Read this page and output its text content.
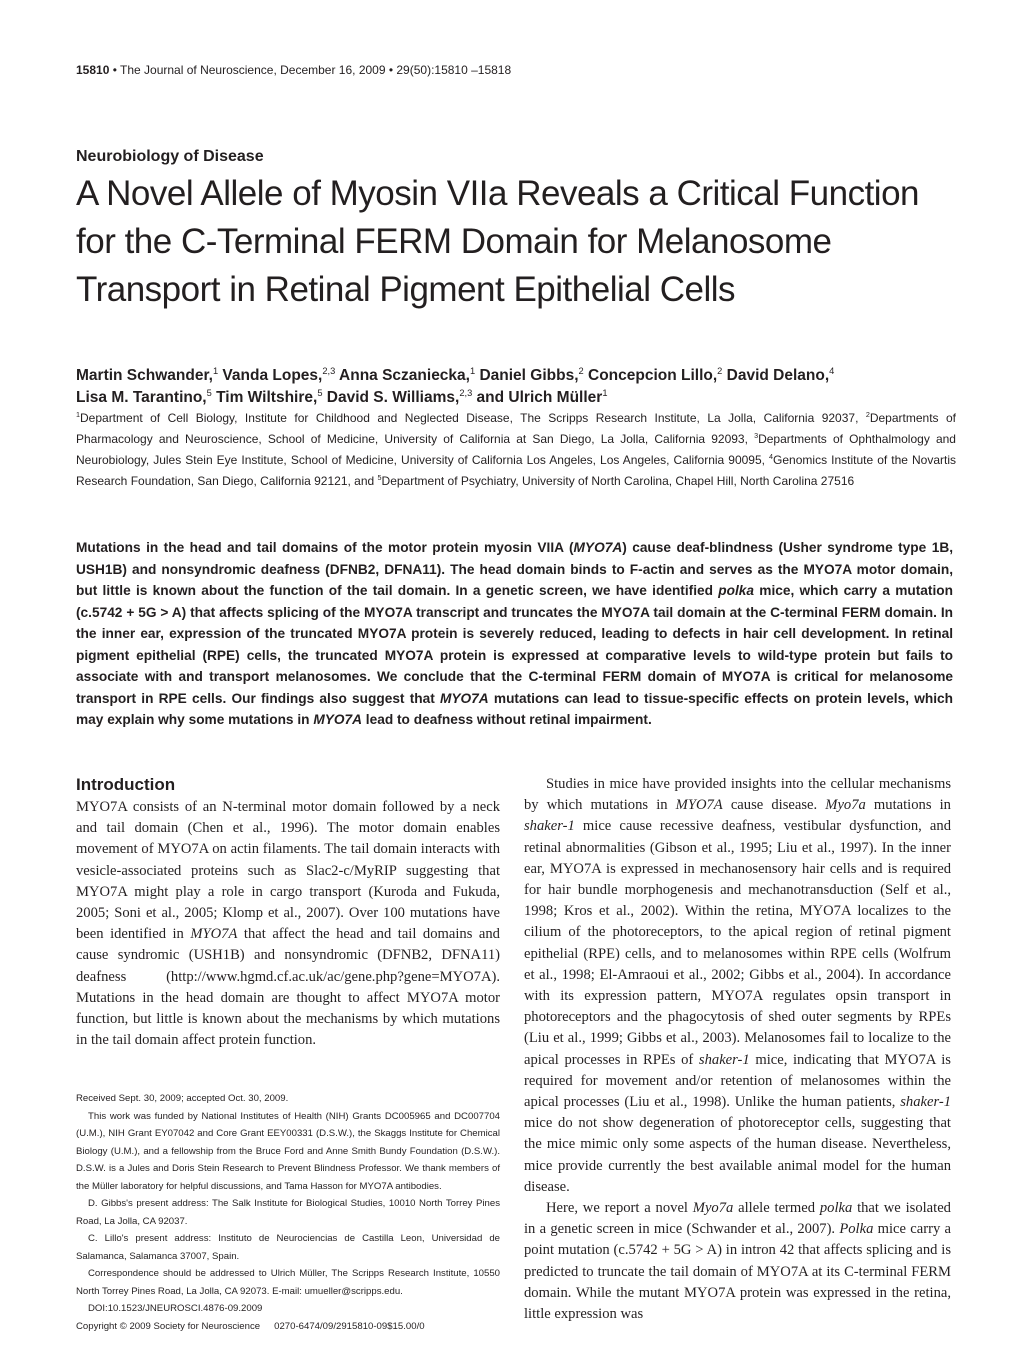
15810 • The Journal of Neuroscience, December 16, 2009 • 29(50):15810 –15818
Neurobiology of Disease
A Novel Allele of Myosin VIIa Reveals a Critical Function for the C-Terminal FERM Domain for Melanosome Transport in Retinal Pigment Epithelial Cells
Martin Schwander,$^1$ Vanda Lopes,$^{2,3}$ Anna Sczaniecka,$^1$ Daniel Gibbs,$^2$ Concepcion Lillo,$^2$ David Delano,$^4$
Lisa M. Tarantino,$^5$ Tim Wiltshire,$^5$ David S. Williams,$^{2,3}$ and Ulrich Müller$^1$
$^1$Department of Cell Biology, Institute for Childhood and Neglected Disease, The Scripps Research Institute, La Jolla, California 92037, $^2$Departments of Pharmacology and Neuroscience, School of Medicine, University of California at San Diego, La Jolla, California 92093, $^3$Departments of Ophthalmology and Neurobiology, Jules Stein Eye Institute, School of Medicine, University of California Los Angeles, Los Angeles, California 90095, $^4$Genomics Institute of the Novartis Research Foundation, San Diego, California 92121, and $^5$Department of Psychiatry, University of North Carolina, Chapel Hill, North Carolina 27516

Mutations in the head and tail domains of the motor protein myosin VIIA (MYO7A) cause deaf-blindness (Usher syndrome type 1B, USH1B) and nonsyndromic deafness (DFNB2, DFNA11). The head domain binds to F-actin and serves as the MYO7A motor domain, but little is known about the function of the tail domain. In a genetic screen, we have identified polka mice, which carry a mutation (c.5742 + 5G > A) that affects splicing of the MYO7A transcript and truncates the MYO7A tail domain at the C-terminal FERM domain. In the inner ear, expression of the truncated MYO7A protein is severely reduced, leading to defects in hair cell development. In retinal pigment epithelial (RPE) cells, the truncated MYO7A protein is expressed at comparative levels to wild-type protein but fails to associate with and transport melanosomes. We conclude that the C-terminal FERM domain of MYO7A is critical for melanosome transport in RPE cells. Our findings also suggest that MYO7A mutations can lead to tissue-specific effects on protein levels, which may explain why some mutations in MYO7A lead to deafness without retinal impairment.

Introduction

MYO7A consists of an N-terminal motor domain followed by a neck and tail domain (Chen et al., 1996). The motor domain enables movement of MYO7A on actin filaments. The tail domain interacts with vesicle-associated proteins such as Slac2-c/MyRIP suggesting that MYO7A might play a role in cargo transport (Kuroda and Fukuda, 2005; Soni et al., 2005; Klomp et al., 2007). Over 100 mutations have been identified in MYO7A that affect the head and tail domains and cause syndromic (USH1B) and nonsyndromic (DFNB2, DFNA11) deafness (http://www.hgmd.cf.ac.uk/ac/gene.php?gene=MYO7A). Mutations in the head domain are thought to affect MYO7A motor function, but little is known about the mechanisms by which mutations in the tail domain affect protein function.

Studies in mice have provided insights into the cellular mechanisms by which mutations in MYO7A cause disease. Myo7a mutations in shaker-1 mice cause recessive deafness, vestibular dysfunction, and retinal abnormalities (Gibson et al., 1995; Liu et al., 1997). In the inner ear, MYO7A is expressed in mechanosensory hair cells and is required for hair bundle morphogenesis and mechanotransduction (Self et al., 1998; Kros et al., 2002). Within the retina, MYO7A localizes to the cilium of the photoreceptors, to the apical region of retinal pigment epithelial (RPE) cells, and to melanosomes within RPE cells (Wolfrum et al., 1998; El-Amraoui et al., 2002; Gibbs et al., 2004). In accordance with its expression pattern, MYO7A regulates opsin transport in photoreceptors and the phagocytosis of shed outer segments by RPEs (Liu et al., 1999; Gibbs et al., 2003). Melanosomes fail to localize to the apical processes in RPEs of shaker-1 mice, indicating that MYO7A is required for movement and/or retention of melanosomes within the apical processes (Liu et al., 1998). Unlike the human patients, shaker-1 mice do not show degeneration of photoreceptor cells, suggesting that the mice mimic only some aspects of the human disease. Nevertheless, mice provide currently the best available animal model for the human disease.

Here, we report a novel Myo7a allele termed polka that we isolated in a genetic screen in mice (Schwander et al., 2007). Polka mice carry a point mutation (c.5742 + 5G > A) in intron 42 that affects splicing and is predicted to truncate the tail domain of MYO7A at its C-terminal FERM domain. While the mutant MYO7A protein was expressed in the retina, little expression was

Received Sept. 30, 2009; accepted Oct. 30, 2009.

This work was funded by National Institutes of Health (NIH) Grants DC005965 and DC007704 (U.M.), NIH Grant EY07042 and Core Grant EEY00331 (D.S.W.), the Skaggs Institute for Chemical Biology (U.M.), and a fellowship from the Bruce Ford and Anne Smith Bundy Foundation (D.S.W.). D.S.W. is a Jules and Doris Stein Research to Prevent Blindness Professor. We thank members of the Müller laboratory for helpful discussions, and Tama Hasson for MYO7A antibodies.

D. Gibbs's present address: The Salk Institute for Biological Studies, 10010 North Torrey Pines Road, La Jolla, CA 92037.

C. Lillo's present address: Instituto de Neurociencias de Castilla Leon, Universidad de Salamanca, Salamanca 37007, Spain.

Correspondence should be addressed to Ulrich Müller, The Scripps Research Institute, 10550 North Torrey Pines Road, La Jolla, CA 92073. E-mail: umueller@scripps.edu.

DOI:10.1523/JNEUROSCI.4876-09.2009

Copyright © 2009 Society for Neuroscience 0270-6474/09/2915810-09$15.00/0
